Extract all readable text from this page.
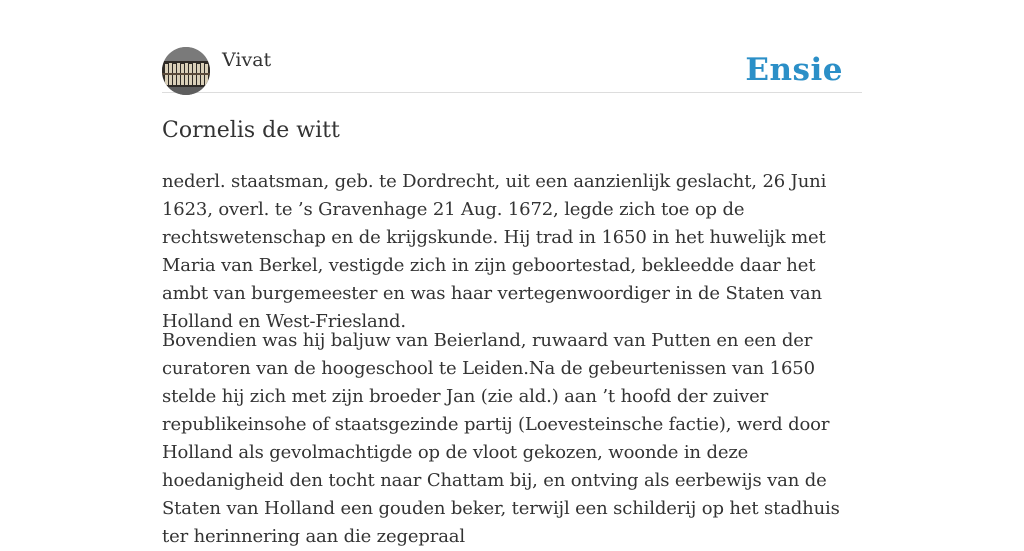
Vivat	Ensie
Cornelis de witt

nederl. staatsman, geb. te Dordrecht, uit een aanzienlijk geslacht, 26 Juni 1623, overl. te ’s Gravenhage 21 Aug. 1672, legde zich toe op de rechtswetenschap en de krijgskunde. Hij trad in 1650 in het huwelijk met Maria van Berkel, vestigde zich in zijn geboortestad, bekleedde daar het ambt van burgemeester en was haar vertegenwoordiger in de Staten van Holland en West-Friesland.

Bovendien was hij baljuw van Beierland, ruwaard van Putten en een der curatoren van de hoogeschool te Leiden.Na de gebeurtenissen van 1650 stelde hij zich met zijn broeder Jan (zie ald.) aan ’t hoofd der zuiver republikeinsohe of staatsgezinde partij (Loevesteinsche factie), werd door Holland als gevolmachtigde op de vloot gekozen, woonde in deze hoedanigheid den tocht naar Chattam bij, en ontving als eerbewijs van de Staten van Holland een gouden beker, terwijl een schilderij op het stadhuis ter herinnering aan die zegepraal
